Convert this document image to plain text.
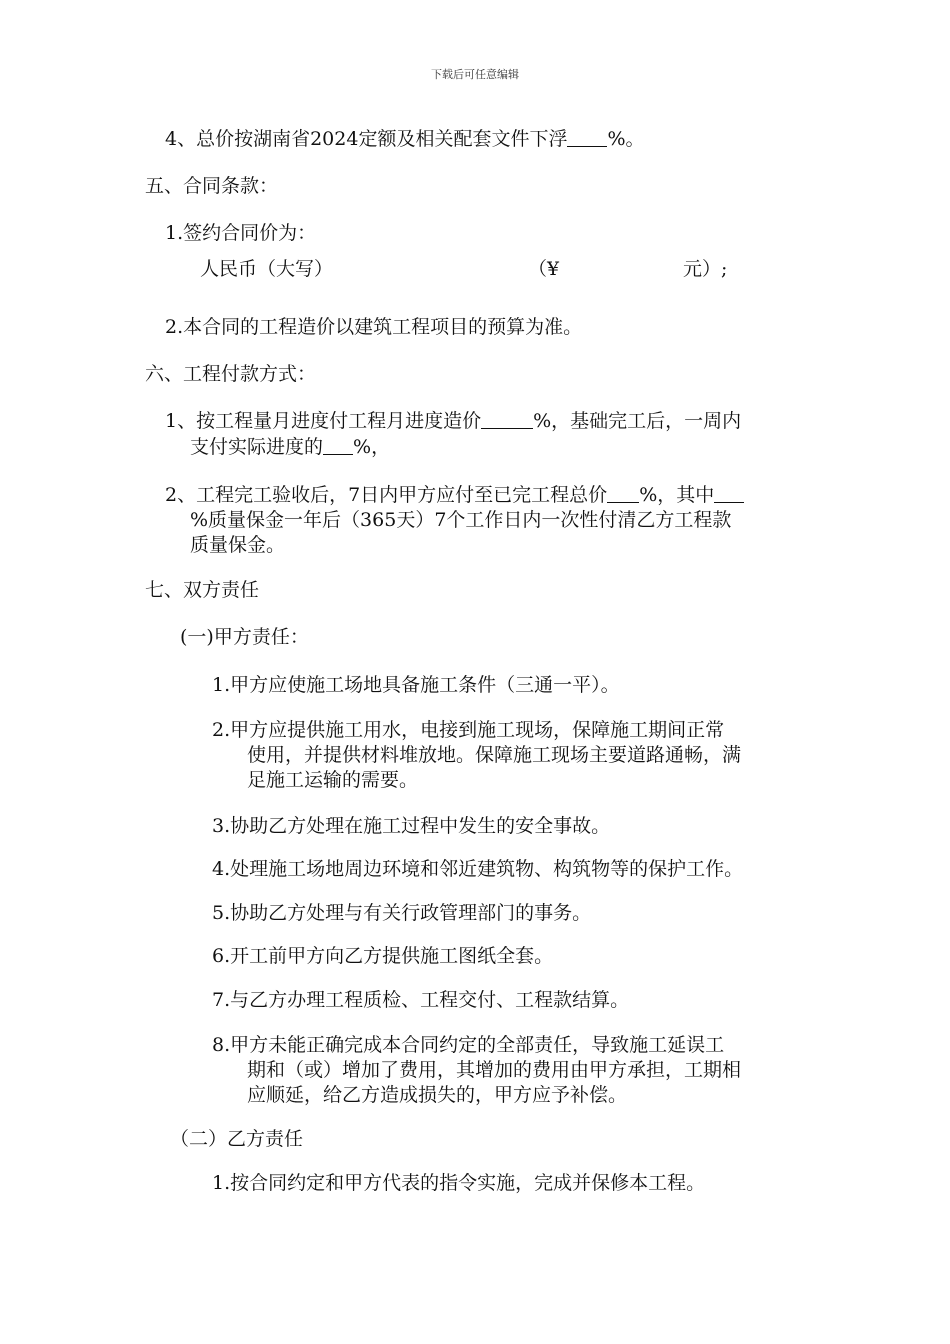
下载后可任意编辑
4、总价按湖南省2024定额及相关配套文件下浮 %。
五、合同条款：
1.签约合同价为：
人民币（大写）	（¥	元）;
2.本合同的工程造价以建筑工程项目的预算为准。
六、工程付款方式：
1、按工程量月进度付工程月进度造价	%，基础完工后，一周内
支付实际进度的 %，
2、工程完工验收后，7日内甲方应付至已完工程总价 %，其中
%质量保金一年后（365天）7个工作日内一次性付清乙方工程款
质量保金。
七、双方责任
(一)甲方责任：
1.甲方应使施工场地具备施工条件（三通一平）。
2.甲方应提供施工用水，电接到施工现场，保障施工期间正常
使用，并提供材料堆放地。保障施工现场主要道路通畅，满
足施工运输的需要。
3.协助乙方处理在施工过程中发生的安全事故。
4.处理施工场地周边环境和邻近建筑物、构筑物等的保护工作。
5.协助乙方处理与有关行政管理部门的事务。
6.开工前甲方向乙方提供施工图纸全套。
7.与乙方办理工程质检、工程交付、工程款结算。
8.甲方未能正确完成本合同约定的全部责任，导致施工延误工
期和（或）增加了费用，其增加的费用由甲方承担，工期相
应顺延，给乙方造成损失的，甲方应予补偿。
（二）乙方责任
1.按合同约定和甲方代表的指令实施，完成并保修本工程。
